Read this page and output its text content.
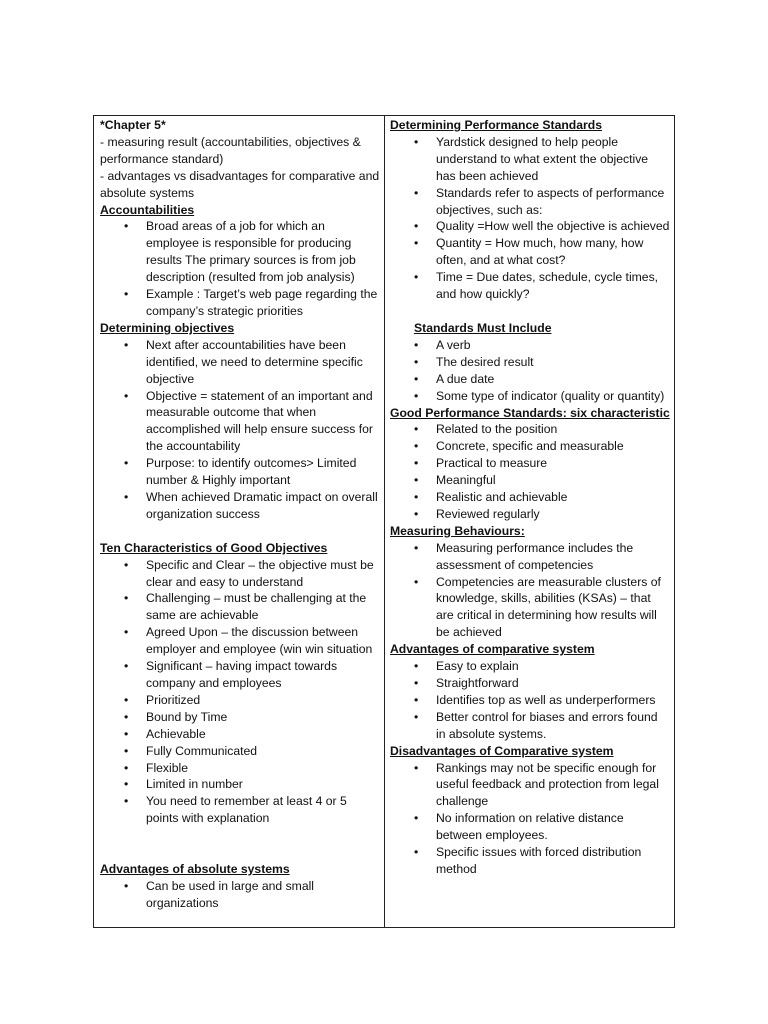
*Chapter 5*
- measuring result (accountabilities, objectives & performance standard)
- advantages vs disadvantages for comparative and absolute systems
Accountabilities
• Broad areas of a job for which an employee is responsible for producing results The primary sources is from job description (resulted from job analysis)
• Example : Target’s web page regarding the company’s strategic priorities
Determining objectives
• Next after accountabilities have been identified, we need to determine specific objective
• Objective = statement of an important and measurable outcome that when accomplished will help ensure success for the accountability
• Purpose: to identify outcomes> Limited number & Highly important
• When achieved Dramatic impact on overall organization success
Ten Characteristics of Good Objectives
• Specific and Clear – the objective must be clear and easy to understand
• Challenging – must be challenging at the same are achievable
• Agreed Upon – the discussion between employer and employee (win win situation
• Significant – having impact towards company and employees
• Prioritized
• Bound by Time
• Achievable
• Fully Communicated
• Flexible
• Limited in number
• You need to remember at least 4 or 5 points with explanation
Advantages of absolute systems
• Can be used in large and small organizations
Determining Performance Standards
• Yardstick designed to help people understand to what extent the objective has been achieved
• Standards refer to aspects of performance objectives, such as:
• Quality =How well the objective is achieved
• Quantity = How much, how many, how often, and at what cost?
• Time = Due dates, schedule, cycle times, and how quickly?
Standards Must Include
• A verb
• The desired result
• A due date
• Some type of indicator (quality or quantity)
Good Performance Standards: six characteristic
• Related to the position
• Concrete, specific and measurable
• Practical to measure
• Meaningful
• Realistic and achievable
• Reviewed regularly
Measuring Behaviours:
• Measuring performance includes the assessment of competencies
• Competencies are measurable clusters of knowledge, skills, abilities (KSAs) – that are critical in determining how results will be achieved
Advantages of comparative system
• Easy to explain
• Straightforward
• Identifies top as well as underperformers
• Better control for biases and errors found in absolute systems.
Disadvantages of Comparative system
• Rankings may not be specific enough for useful feedback and protection from legal challenge
• No information on relative distance between employees.
• Specific issues with forced distribution method
